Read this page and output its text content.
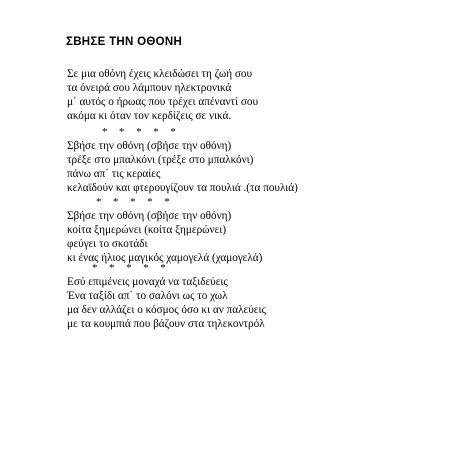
ΣΒΗΣΕ ΤΗΝ ΟΘΟΝΗ
Σε μια οθόνη έχεις κλειδώσει τη ζωή σου
τα όνειρά σου λάμπουν ηλεκτρονικά
μ΄ αυτός ο ήρωας που τρέχει απέναντί σου
ακόμα κι όταν τον κερδίζεις σε νικά.
* * * * *
Σβήσε την οθόνη (σβήσε την οθόνη)
τρέξε στο μπαλκόνι (τρέξε στο μπαλκόνι)
πάνω απ΄ τις κεραίες
κελαϊδούν και φτερουγίζουν τα πουλιά .(τα πουλιά)
* * * * *
Σβήσε την οθόνη (σβήσε την οθόνη)
κοίτα ξημερώνει (κοίτα ξημερώνει)
φεύγει το σκοτάδι
κι ένας ήλιος μαγικός χαμογελά (χαμογελά)
* * * * *
Εσύ επιμένεις μοναχά να ταξιδεύεις
Ένα ταξίδι απ΄ το σαλόνι ως το χωλ
μα δεν αλλάζει ο κόσμος όσο κι αν παλεύεις
με τα κουμπιά που βάζουν στα τηλεκοντρόλ
